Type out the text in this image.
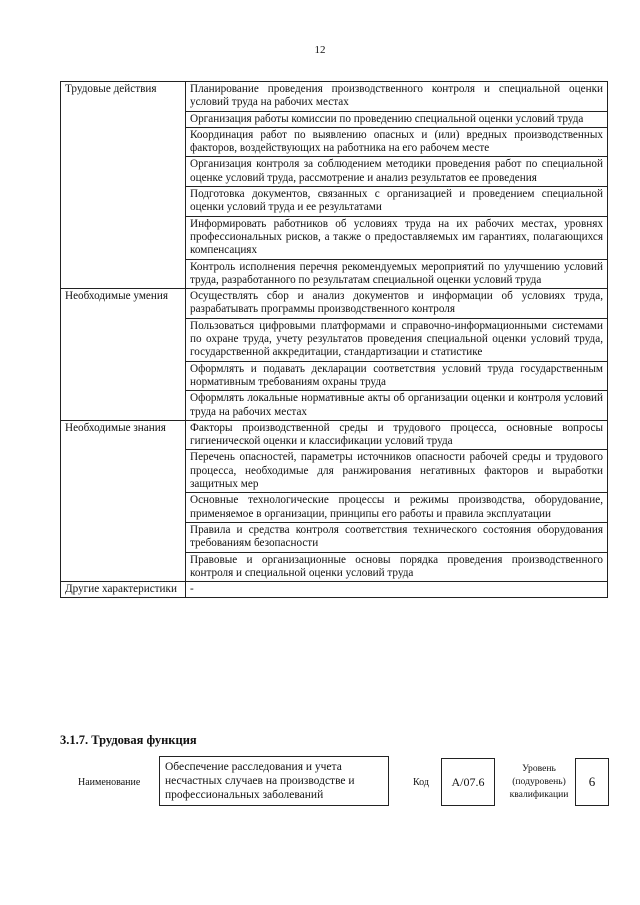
12
Трудовые действия	Планирование проведения производственного контроля и специальной оценки условий труда на рабочих местах
	Организация работы комиссии по проведению специальной оценки условий труда
	Координация работ по выявлению опасных и (или) вредных производственных факторов, воздействующих на работника на его рабочем месте
	Организация контроля за соблюдением методики проведения работ по специальной оценке условий труда, рассмотрение и анализ результатов ее проведения
	Подготовка документов, связанных с организацией и проведением специальной оценки условий труда и ее результатами
	Информировать работников об условиях труда на их рабочих местах, уровнях профессиональных рисков, а также о предоставляемых им гарантиях, полагающихся компенсациях
	Контроль исполнения перечня рекомендуемых мероприятий по улучшению условий труда, разработанного по результатам специальной оценки условий труда
Необходимые умения	Осуществлять сбор и анализ документов и информации об условиях труда, разрабатывать программы производственного контроля
	Пользоваться цифровыми платформами и справочно-информационными системами по охране труда, учету результатов проведения специальной оценки условий труда, государственной аккредитации, стандартизации и статистике
	Оформлять и подавать декларации соответствия условий труда государственным нормативным требованиям охраны труда
	Оформлять локальные нормативные акты об организации оценки и контроля условий труда на рабочих местах
Необходимые знания	Факторы производственной среды и трудового процесса, основные вопросы гигиенической оценки и классификации условий труда
	Перечень опасностей, параметры источников опасности рабочей среды и трудового процесса, необходимые для ранжирования негативных факторов и выработки защитных мер
	Основные технологические процессы и режимы производства, оборудование, применяемое в организации, принципы его работы и правила эксплуатации
	Правила и средства контроля соответствия технического состояния оборудования требованиям безопасности
	Правовые и организационные основы порядка проведения производственного контроля и специальной оценки условий труда
Другие характеристики	-
3.1.7. Трудовая функция
Наименование
Обеспечение расследования и учета несчастных случаев на производстве и профессиональных заболеваний
Код	A/07.6
Уровень (подуровень) квалификации
6
